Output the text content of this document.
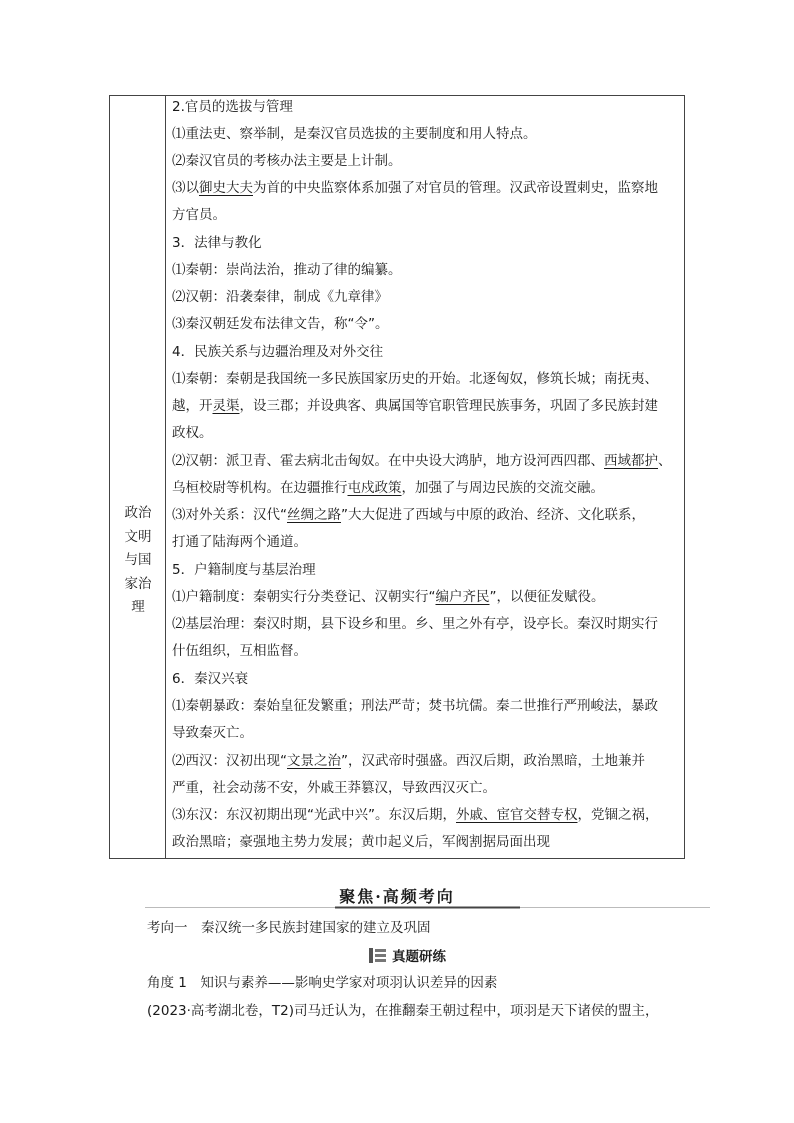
政治
文明
与国
家治
理
2.官员的选拔与管理
⑴重法吏、察举制，是秦汉官员选拔的主要制度和用人特点。
⑵秦汉官员的考核办法主要是上计制。
⑶以御史大夫为首的中央监察体系加强了对官员的管理。汉武帝设置刺史，监察地
方官员。
3．法律与教化
⑴秦朝：崇尚法治，推动了律的编纂。
⑵汉朝：沿袭秦律，制成《九章律》
⑶秦汉朝廷发布法律文告，称“令”。
4．民族关系与边疆治理及对外交往
⑴秦朝：秦朝是我国统一多民族国家历史的开始。北逐匈奴，修筑长城；南抚夷、
越，开灵渠，设三郡；并设典客、典属国等官职管理民族事务，巩固了多民族封建
政权。
⑵汉朝：派卫青、霍去病北击匈奴。在中央设大鸿胪，地方设河西四郡、西域都护、
乌桓校尉等机构。在边疆推行屯戍政策，加强了与周边民族的交流交融。
⑶对外关系：汉代“丝绸之路”大大促进了西域与中原的政治、经济、文化联系，
打通了陆海两个通道。
5．户籍制度与基层治理
⑴户籍制度：秦朝实行分类登记、汉朝实行“编户齐民”，以便征发赋役。
⑵基层治理：秦汉时期，县下设乡和里。乡、里之外有亭，设亭长。秦汉时期实行
什伍组织，互相监督。
6．秦汉兴衰
⑴秦朝暴政：秦始皇征发繁重；刑法严苛；焚书坑儒。秦二世推行严刑峻法，暴政
导致秦灭亡。
⑵西汉：汉初出现“文景之治”，汉武帝时强盛。西汉后期，政治黑暗，土地兼并
严重，社会动荡不安，外戚王莽篡汉，导致西汉灭亡。
⑶东汉：东汉初期出现“光武中兴”。东汉后期，外戚、宦官交替专权，党锢之祸，
政治黑暗；豪强地主势力发展；黄巾起义后，军阀割据局面出现
聚焦·高频考向
考向一　秦汉统一多民族封建国家的建立及巩固
真题研练
角度 1　知识与素养——影响史学家对项羽认识差异的因素
(2023·高考湖北卷，T2)司马迁认为，在推翻秦王朝过程中，项羽是天下诸侯的盟主，
